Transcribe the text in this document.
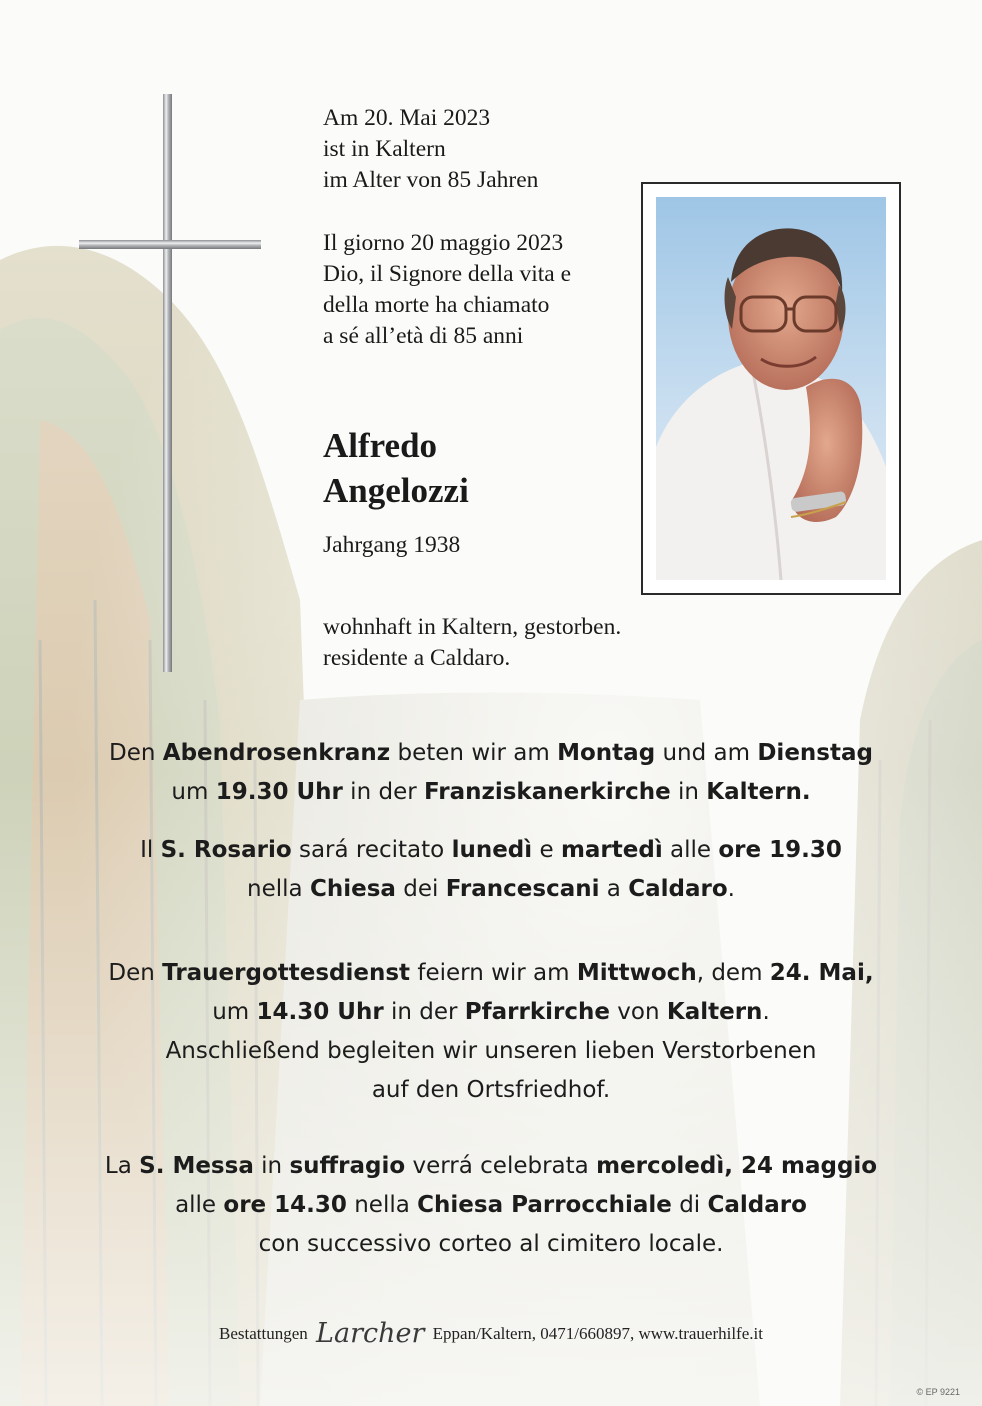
Am 20. Mai 2023
ist in Kaltern
im Alter von 85 Jahren
Il giorno 20 maggio 2023
Dio, il Signore della vita e
della morte ha chiamato
a sé all’età di 85 anni
Alfredo
Angelozzi
Jahrgang 1938
wohnhaft in Kaltern, gestorben.
residente a Caldaro.
Den Abendrosenkranz beten wir am Montag und am Dienstag
um 19.30 Uhr in der Franziskanerkirche in Kaltern.
Il S. Rosario sará recitato lunedì e martedì alle ore 19.30
nella Chiesa dei Francescani a Caldaro.
Den Trauergottesdienst feiern wir am Mittwoch, dem 24. Mai,
um 14.30 Uhr in der Pfarrkirche von Kaltern.
Anschließend begleiten wir unseren lieben Verstorbenen
auf den Ortsfriedhof.
La S. Messa in suffragio verrá celebrata mercoledì, 24 maggio
alle ore 14.30 nella Chiesa Parrocchiale di Caldaro
con successivo corteo al cimitero locale.
Bestattungen Larcher Eppan/Kaltern, 0471/660897, www.trauerhilfe.it
© EP 9221
